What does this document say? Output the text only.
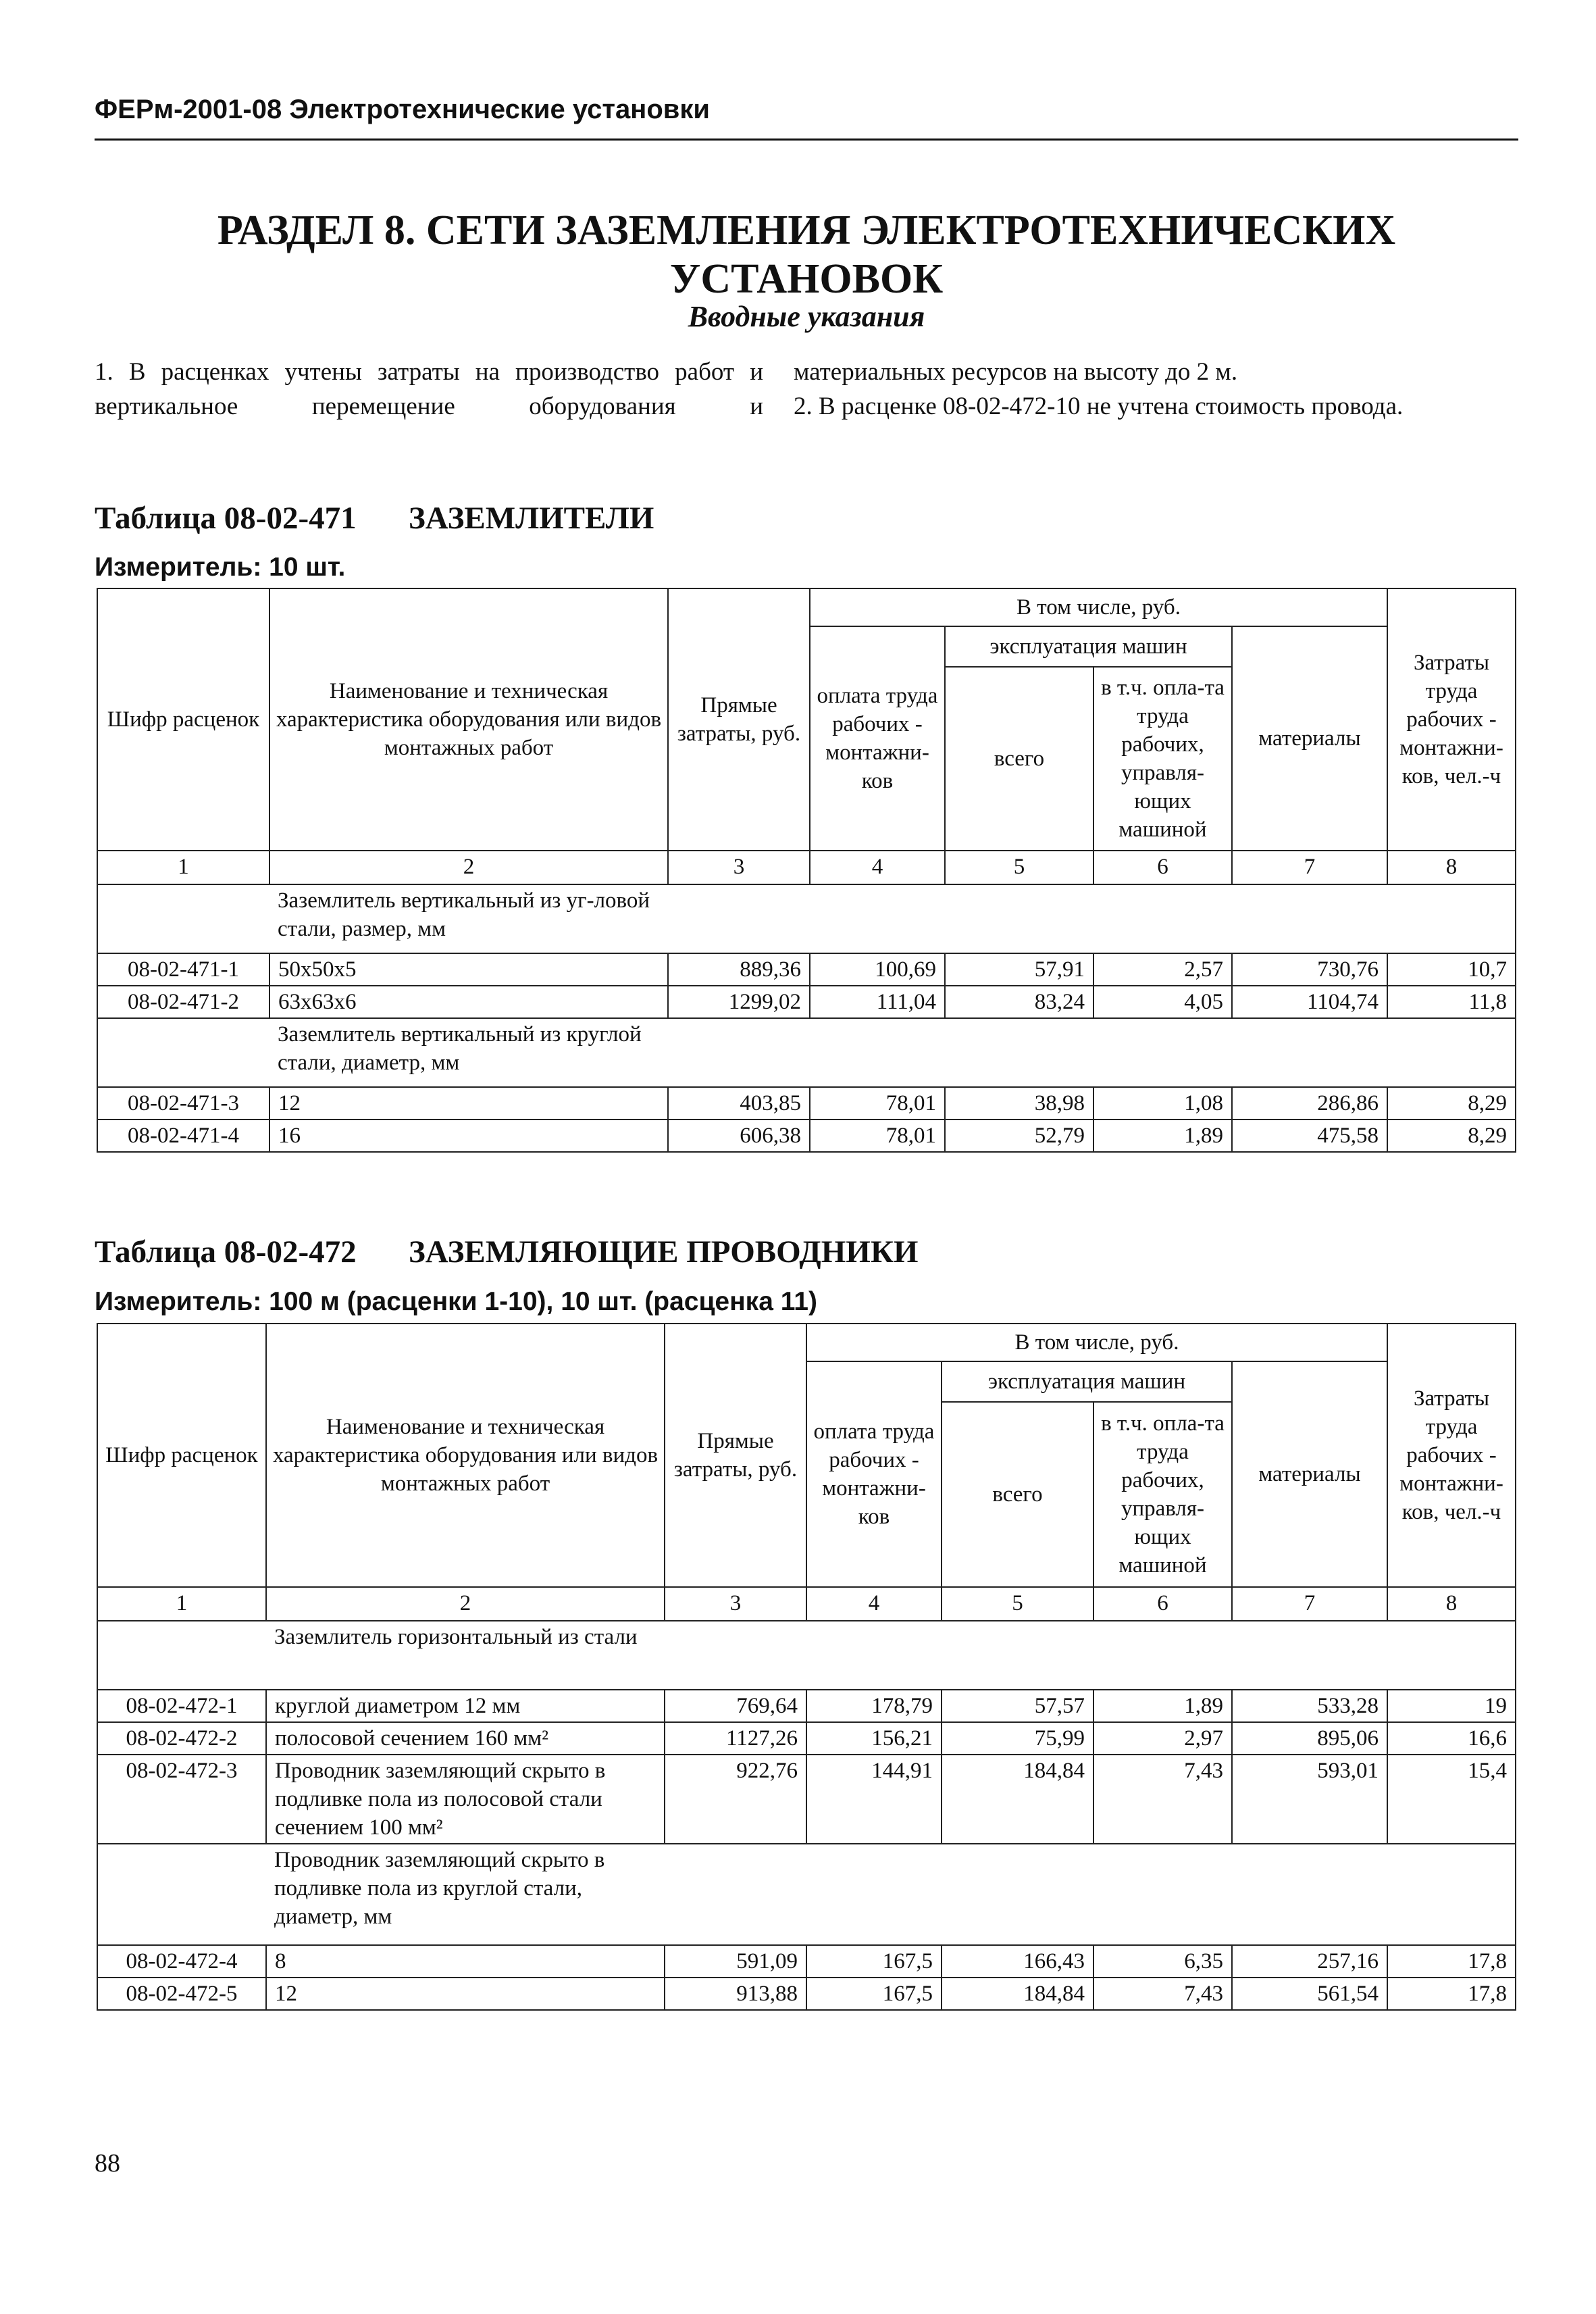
ФЕРм-2001-08 Электротехнические установки
РАЗДЕЛ 8. СЕТИ ЗАЗЕМЛЕНИЯ ЭЛЕКТРОТЕХНИЧЕСКИХ
УСТАНОВОК
Вводные указания
1. В расценках учтены затраты на производство работ и вертикальное перемещение оборудования и
материальных ресурсов на высоту до 2 м.
2. В расценке 08-02-472-10 не учтена стоимость провода.
Таблица 08-02-471 ЗАЗЕМЛИТЕЛИ
Измеритель: 10 шт.
Шифр расценок	Наименование и техническая характеристика оборудования или видов монтажных работ	Прямые затраты, руб.	В том числе, руб.				Затраты труда рабочих - монтажни-ков, чел.-ч
			оплата труда рабочих - монтажни-ков	эксплуатация машин		материалы	
				всего	в т.ч. опла-та труда рабочих, управля-ющих машиной		
1	2	3	4	5	6	7	8

	Заземлитель вертикальный из уг-ловой стали, размер, мм						

08-02-471-1	50х50х5	889,36	100,69	57,91	2,57	730,76	10,7
08-02-471-2	63х63х6	1299,02	111,04	83,24	4,05	1104,74	11,8

	Заземлитель вертикальный из круглой стали, диаметр, мм						

08-02-471-3	12	403,85	78,01	38,98	1,08	286,86	8,29
08-02-471-4	16	606,38	78,01	52,79	1,89	475,58	8,29
Таблица 08-02-472 ЗАЗЕМЛЯЮЩИЕ ПРОВОДНИКИ
Измеритель: 100 м (расценки 1-10), 10 шт. (расценка 11)
Шифр расценок	Наименование и техническая характеристика оборудования или видов монтажных работ	Прямые затраты, руб.	В том числе, руб.				Затраты труда рабочих - монтажни-ков, чел.-ч
			оплата труда рабочих - монтажни-ков	эксплуатация машин		материалы	
				всего	в т.ч. опла-та труда рабочих, управля-ющих машиной		
1	2	3	4	5	6	7	8

	Заземлитель горизонтальный из стали						

08-02-472-1	круглой диаметром 12 мм	769,64	178,79	57,57	1,89	533,28	19
08-02-472-2	полосовой сечением 160 мм²	1127,26	156,21	75,99	2,97	895,06	16,6
08-02-472-3	Проводник заземляющий скрыто в подливке пола из полосовой стали сечением 100 мм²	922,76	144,91	184,84	7,43	593,01	15,4

	Проводник заземляющий скрыто в подливке пола из круглой стали, диаметр, мм						

08-02-472-4	8	591,09	167,5	166,43	6,35	257,16	17,8
08-02-472-5	12	913,88	167,5	184,84	7,43	561,54	17,8
88
